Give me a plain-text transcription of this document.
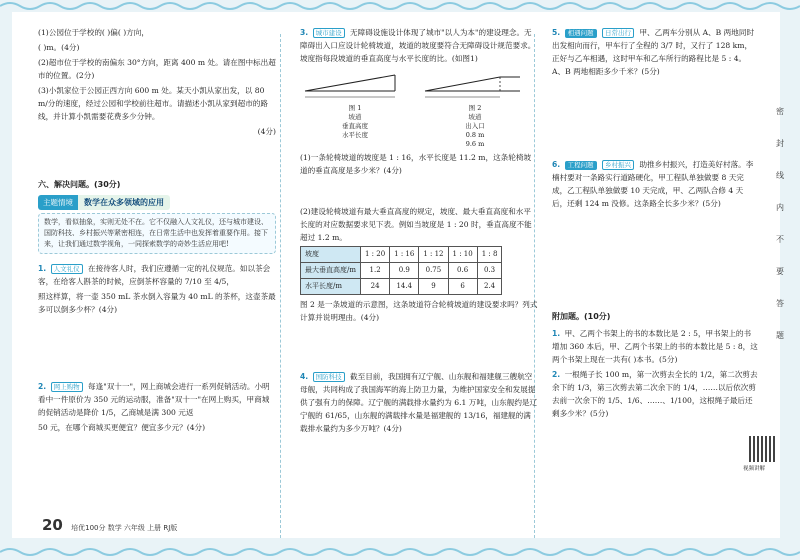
(1)公园位于学校的( )偏( )方向，

( )m。(4分)

(2)超市位于学校的南偏东 30°方向，距离 400 m 处。请在图中标出超市的位置。(2分)

(3)小凯家位于公园正西方向 600 m 处。某天小凯从家出发，以 80 m/分的速度，经过公园和学校前往超市。请描述小凯从家到超市的路线，并计算小凯需要花费多少分钟。

(4分)

六、解决问题。(30分)

主题情境	数学在众多领域的应用
数学，看似抽象，实则无处不在。它不仅融入人文礼仪，还与城市建设、国防科技、乡村振兴等紧密相连，在日常生活中也发挥着重要作用。接下来，让我们通过数学视角，一同探索数学的奇妙生活应用吧!

1. 人文礼仪 在接待客人时，我们应遵循一定的礼仪规范。如以茶会客，在给客人斟茶的时候，应倒茶杯容量的 7/10 至 4/5，

照这样算，将一壶 350 mL 茶水倒入容量为 40 mL 的茶杯，这壶茶最多可以倒多少杯？(4分)

2. 网上购物 每逢"双十一"，网上商城会进行一系列促销活动。小明看中一件原价为 350 元的运动服，准备"双十一"在网上购买，甲商城的促销活动是降价 1/5，乙商城是满 300 元返

50 元，在哪个商城买更便宜？便宜多少元？(4分)

3. 城市建设 无障碍设施设计体现了城市"以人为本"的建设理念。无障碍出入口应设计轮椅坡道，坡道的坡度要符合无障碍设计规范要求。坡度指每段坡道的垂直高度与水平长度的比。(如图1)

图 1
坡道
垂直高度
水平长度
图 2
坡道
出入口
0.8 m
9.6 m

(1)一条轮椅坡道的坡度是 1 : 16，水平长度是 11.2 m，这条轮椅坡道的垂直高度是多少米？(4分)

(2)建设轮椅坡道有最大垂直高度的规定，坡度、最大垂直高度和水平长度的对应数据要求见下表。例如当坡度是 1 : 20 时，垂直高度不能超过 1.2 m。

坡度	1 : 20	1 : 16	1 : 12	1 : 10	1 : 8
最大垂直高度/m	1.2	0.9	0.75	0.6	0.3
水平长度/m	24	14.4	9	6	2.4

图 2 是一条坡道的示意图，这条坡道符合轮椅坡道的建设要求吗？列式计算并说明理由。(4分)

4. 国防科技 截至目前，我国拥有辽宁舰、山东舰和福建舰三艘航空母舰，共同构成了我国海军的海上防卫力量，为维护国家安全和发展提供了强有力的保障。辽宁舰的满载排水量约为 6.1 万吨，山东舰约是辽宁舰的 61/65，山东舰的满载排水量是福建舰的 13/16，福建舰的满载排水量约为多少万吨？(4分)

5. 相遇问题 日常出行 甲、乙两车分别从 A、B 两地同时出发相向而行，甲车行了全程的 3/7 时，又行了 128 km，正好与乙车相遇，这时甲车和乙车所行的路程比是 5 : 4。A、B 两地相距多少千米？(5分)

6. 工程问题 乡村振兴 助推乡村振兴，打造美好村落。李楠村要对一条路实行道路硬化，甲工程队单独做要 8 天完成，乙工程队单独做要 10 天完成，甲、乙两队合修 4 天后，还剩 124 m 没修。这条路全长多少米？(5分)

附加题。(10分)

1. 甲、乙两个书架上的书的本数比是 2 : 5，甲书架上的书增加 360 本后，甲、乙两个书架上的书的本数比是 5 : 8，这两个书架上现在一共有( )本书。(5分)

2. 一根绳子长 100 m，第一次剪去全长的 1/2，第二次剪去余下的 1/3，第三次剪去第二次余下的 1/4，……以后依次剪去前一次余下的 1/5、1/6、……、1/100，这根绳子最后还剩多少米？(5分)

视频讲解
20 培优100分 数学 六年级 上册 RJ版
密
封
线
内
不
要
答
题
